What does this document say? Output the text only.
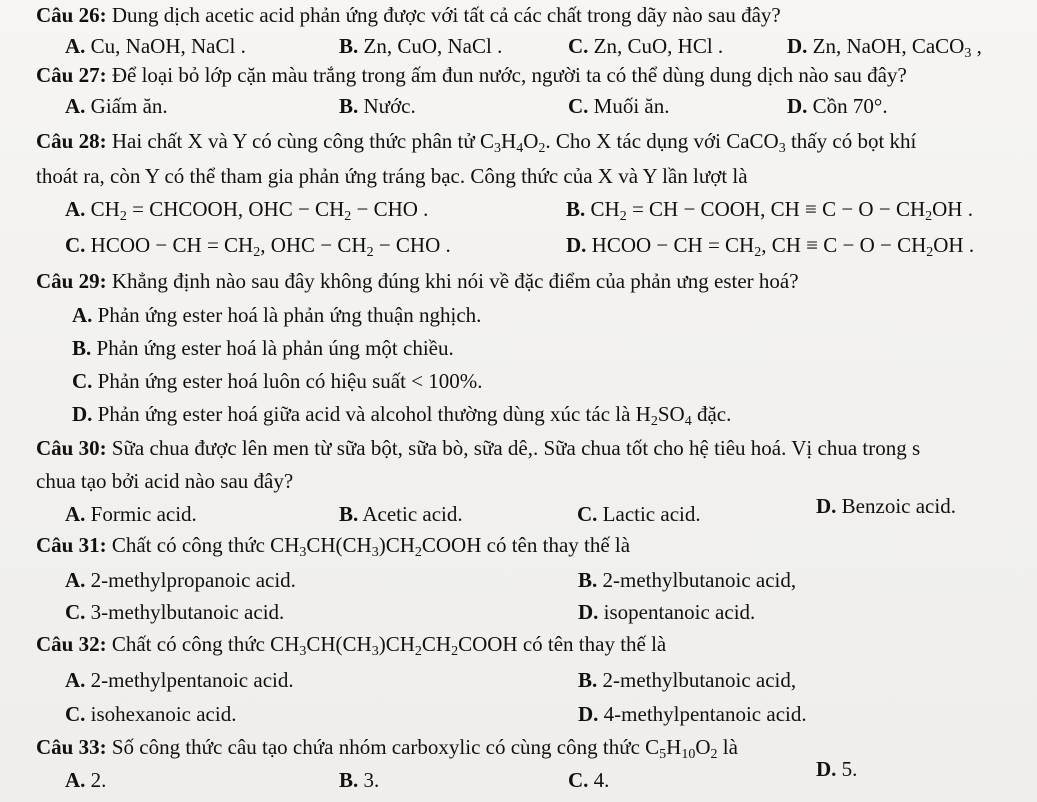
Câu 26: Dung dịch acetic acid phản ứng được với tất cả các chất trong dãy nào sau đây?
A. Cu, NaOH, NaCl .	B. Zn, CuO, NaCl .	C. Zn, CuO, HCl .	D. Zn, NaOH, CaCO$_3$ ,
Câu 27: Để loại bỏ lớp cặn màu trắng trong ấm đun nước, người ta có thể dùng dung dịch nào sau đây?
A. Giấm ăn.	B. Nước.	C. Muối ăn.	D. Cồn 70°.
Câu 28: Hai chất X và Y có cùng công thức phân tử $C_3H_4O_2$. Cho X tác dụng với CaCO$_3$ thấy có bọt khí
thoát ra, còn Y có thể tham gia phản ứng tráng bạc. Công thức của X và Y lần lượt là
A. $CH_2$ = CHCOOH, OHC − $CH_2$ − CHO .	B. $CH_2$ = CH − COOH, CH ≡ $C - O - CH_2OH$ .
C. HCOO − CH = $CH_2$, OHC − $CH_2$ − CHO .	D. HCOO − CH = $CH_2$, CH ≡ $C - O - CH_2OH$ .
Câu 29: Khẳng định nào sau đây không đúng khi nói về đặc điểm của phản ưng ester hoá?
A. Phản ứng ester hoá là phản ứng thuận nghịch.
B. Phản ứng ester hoá là phản úng một chiều.
C. Phản ứng ester hoá luôn có hiệu suất < 100%.
D. Phản ứng ester hoá giữa acid và alcohol thường dùng xúc tác là $H_2SO_4$ đặc.
Câu 30: Sữa chua được lên men từ sữa bột, sữa bò, sữa dê,. Sữa chua tốt cho hệ tiêu hoá. Vị chua trong s
chua tạo bởi acid nào sau đây?
A. Formic acid.	B. Acetic acid.	C. Lactic acid.	D. Benzoic acid.
Câu 31: Chất có công thức $CH_3CH(CH_3)CH_2COOH$ có tên thay thế là
A. 2-methylpropanoic acid.	B. 2-methylbutanoic acid,
C. 3-methylbutanoic acid.	D. isopentanoic acid.
Câu 32: Chất có công thức $CH_3CH(CH_3)CH_2CH_2COOH$ có tên thay thế là
A. 2-methylpentanoic acid.	B. 2-methylbutanoic acid,
C. isohexanoic acid.	D. 4-methylpentanoic acid.
Câu 33: Số công thức câu tạo chứa nhóm carboxylic có cùng công thức $C_5H_{10}O_2$ là
A. 2.	B. 3.	C. 4.	D. 5.
